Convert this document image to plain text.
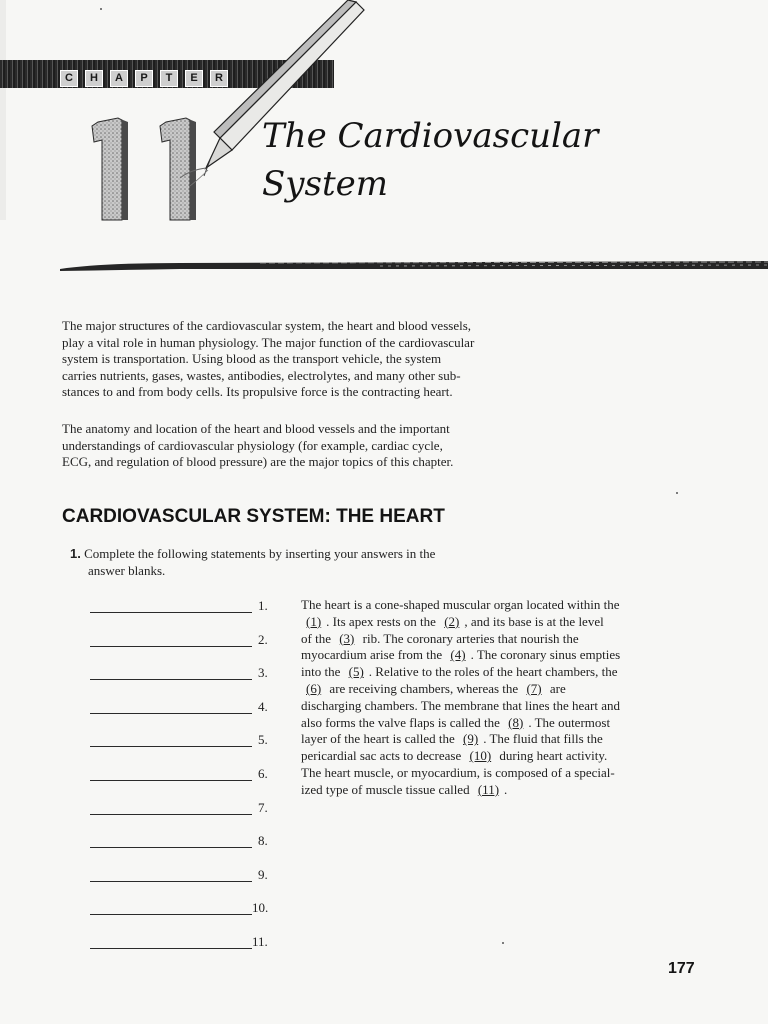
C	H	A	P	T	E	R
The Cardiovascular
System
The major structures of the cardiovascular system, the heart and blood vessels,
play a vital role in human physiology. The major function of the cardiovascular
system is transportation. Using blood as the transport vehicle, the system
carries nutrients, gases, wastes, antibodies, electrolytes, and many other sub-
stances to and from body cells. Its propulsive force is the contracting heart.
The anatomy and location of the heart and blood vessels and the important
understandings of cardiovascular physiology (for example, cardiac cycle,
ECG, and regulation of blood pressure) are the major topics of this chapter.
CARDIOVASCULAR SYSTEM: THE HEART
1. Complete the following statements by inserting your answers in the
answer blanks.
1.
2.
3.
4.
5.
6.
7.
8.
9.
10.
11.
The heart is a cone-shaped muscular organ located within the
(1) . Its apex rests on the (2) , and its base is at the level
of the (3) rib. The coronary arteries that nourish the
myocardium arise from the (4) . The coronary sinus empties
into the (5) . Relative to the roles of the heart chambers, the
(6) are receiving chambers, whereas the (7) are
discharging chambers. The membrane that lines the heart and
also forms the valve flaps is called the (8) . The outermost
layer of the heart is called the (9) . The fluid that fills the
pericardial sac acts to decrease (10) during heart activity.
The heart muscle, or myocardium, is composed of a special-
ized type of muscle tissue called (11) .
177
